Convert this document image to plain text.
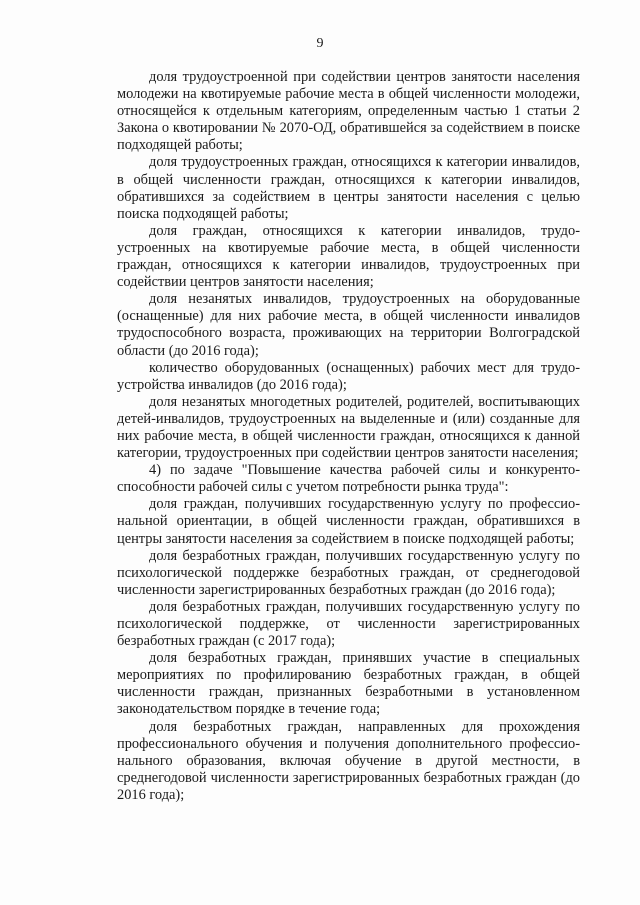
9

доля трудоустроенной при содействии центров занятости населения молодежи на квотируемые рабочие места в общей численности молодежи, относящейся к отдельным категориям, определенным частью 1 статьи 2 Закона о квотировании № 2070-ОД, обратившейся за содействием в поиске подходящей работы;

доля трудоустроенных граждан, относящихся к категории инвалидов, в общей численности граждан, относящихся к категории инвалидов, обратившихся за содействием в центры занятости населения с целью поиска подходящей работы;

доля граждан, относящихся к категории инвалидов, трудо-устроенных на квотируемые рабочие места, в общей численности граждан, относящихся к категории инвалидов, трудоустроенных при содействии центров занятости населения;

доля незанятых инвалидов, трудоустроенных на оборудованные (оснащенные) для них рабочие места, в общей численности инвалидов трудоспособного возраста, проживающих на территории Волгоградской области (до 2016 года);

количество оборудованных (оснащенных) рабочих мест для трудо-устройства инвалидов (до 2016 года);

доля незанятых многодетных родителей, родителей, воспитывающих детей-инвалидов, трудоустроенных на выделенные и (или) созданные для них рабочие места, в общей численности граждан, относящихся к данной категории, трудоустроенных при содействии центров занятости населения;

4) по задаче "Повышение качества рабочей силы и конкуренто-способности рабочей силы с учетом потребности рынка труда":

доля граждан, получивших государственную услугу по профессио-нальной ориентации, в общей численности граждан, обратившихся в центры занятости населения за содействием в поиске подходящей работы;

доля безработных граждан, получивших государственную услугу по психологической поддержке безработных граждан, от среднегодовой численности зарегистрированных безработных граждан (до 2016 года);

доля безработных граждан, получивших государственную услугу по психологической поддержке, от численности зарегистрированных безработных граждан (с 2017 года);

доля безработных граждан, принявших участие в специальных мероприятиях по профилированию безработных граждан, в общей численности граждан, признанных безработными в установленном законодательством порядке в течение года;

доля безработных граждан, направленных для прохождения профессионального обучения и получения дополнительного профессио-нального образования, включая обучение в другой местности, в среднегодовой численности зарегистрированных безработных граждан (до 2016 года);
